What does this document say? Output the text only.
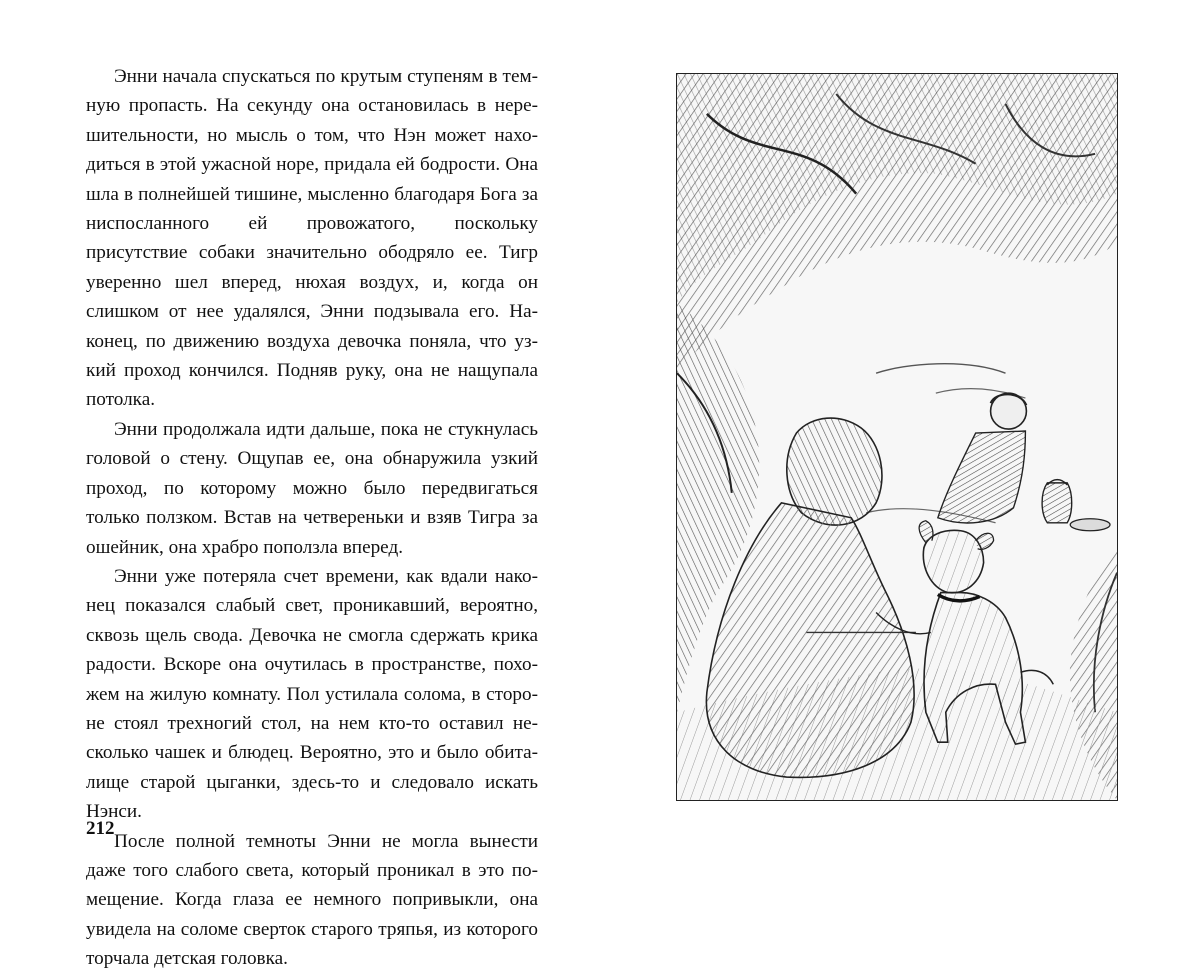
Энни начала спускаться по крутым ступеням в темную пропасть. На секунду она остановилась в нерешительности, но мысль о том, что Нэн может находиться в этой ужасной норе, придала ей бодрости. Она шла в полнейшей тишине, мысленно благодаря Бога за ниспосланного ей провожатого, поскольку присутствие собаки значительно ободряло ее. Тигр уверенно шел вперед, нюхая воздух, и, когда он слишком от нее удалялся, Энни подзывала его. Наконец, по движению воздуха девочка поняла, что узкий проход кончился. Подняв руку, она не нащупала потолка.

Энни продолжала идти дальше, пока не стукнулась головой о стену. Ощупав ее, она обнаружила узкий проход, по которому можно было передвигаться только ползком. Встав на четвереньки и взяв Тигра за ошейник, она храбро поползла вперед.

Энни уже потеряла счет времени, как вдали наконец показался слабый свет, проникавший, вероятно, сквозь щель свода. Девочка не смогла сдержать крика радости. Вскоре она очутилась в пространстве, похожем на жилую комнату. Пол устилала солома, в стороне стоял трехногий стол, на нем кто-то оставил несколько чашек и блюдец. Вероятно, это и было обиталище старой цыганки, здесь-то и следовало искать Нэнси.

После полной темноты Энни не могла вынести даже того слабого света, который проникал в это помещение. Когда глаза ее немного попривыкли, она увидела на соломе сверток старого тряпья, из которого торчала детская головка.

212
